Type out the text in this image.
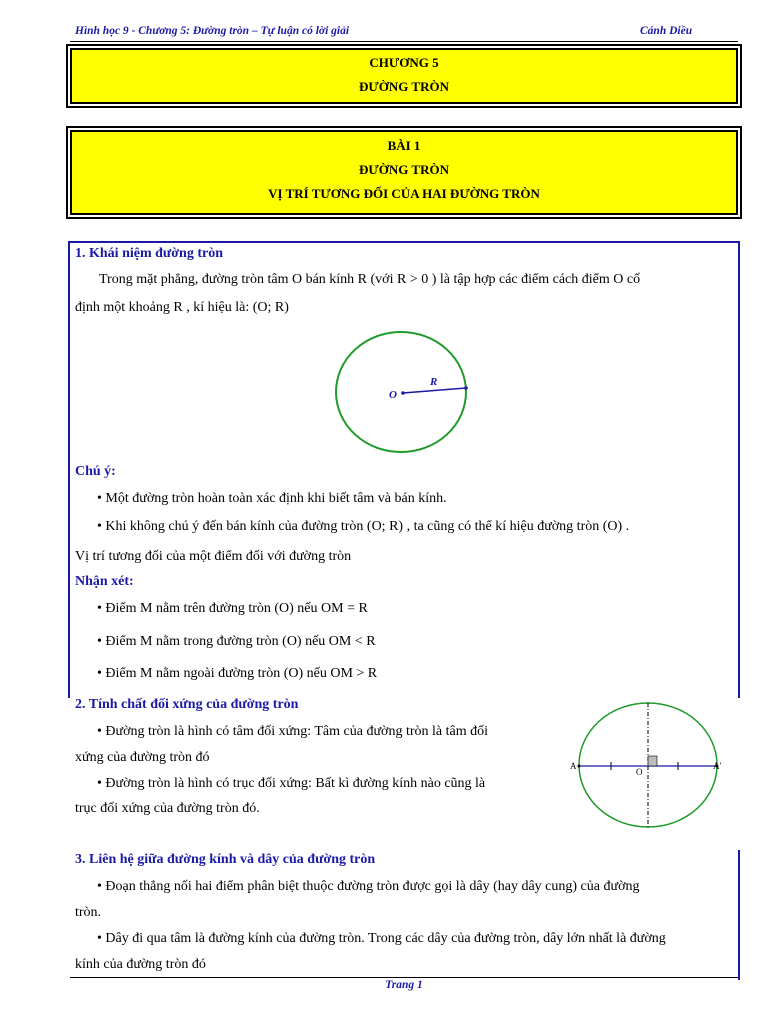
Hình học 9 - Chương 5: Đường tròn – Tự luận có lời giải	Cánh Diều
CHƯƠNG 5
ĐƯỜNG TRÒN
BÀI 1
ĐƯỜNG TRÒN
VỊ TRÍ TƯƠNG ĐỐI CỦA HAI ĐƯỜNG TRÒN
1. Khái niệm đường tròn
Trong mặt phẳng, đường tròn tâm O bán kính R (với R > 0 ) là tập hợp các điểm cách điểm O cố
định một khoảng R , kí hiệu là: (O; R)
O
R
Chú ý:
• Một đường tròn hoàn toàn xác định khi biết tâm và bán kính.
• Khi không chú ý đến bán kính của đường tròn (O; R) , ta cũng có thể kí hiệu đường tròn (O) .
Vị trí tương đối của một điểm đối với đường tròn
Nhận xét:
• Điểm M nằm trên đường tròn (O) nếu OM = R
• Điểm M nằm trong đường tròn (O) nếu OM < R
• Điểm M nằm ngoài đường tròn (O) nếu OM > R
2. Tính chất đối xứng của đường tròn
• Đường tròn là hình có tâm đối xứng: Tâm của đường tròn là tâm đối
xứng của đường tròn đó
• Đường tròn là hình có trục đối xứng: Bất kì đường kính nào cũng là
trục đối xứng của đường tròn đó.
A	A'
O
3. Liên hệ giữa đường kính và dây của đường tròn
• Đoạn thẳng nối hai điểm phân biệt thuộc đường tròn được gọi là dây (hay dây cung) của đường
tròn.
• Dây đi qua tâm là đường kính của đường tròn. Trong các dây của đường tròn, dây lớn nhất là đường
kính của đường tròn đó
Trang 1
